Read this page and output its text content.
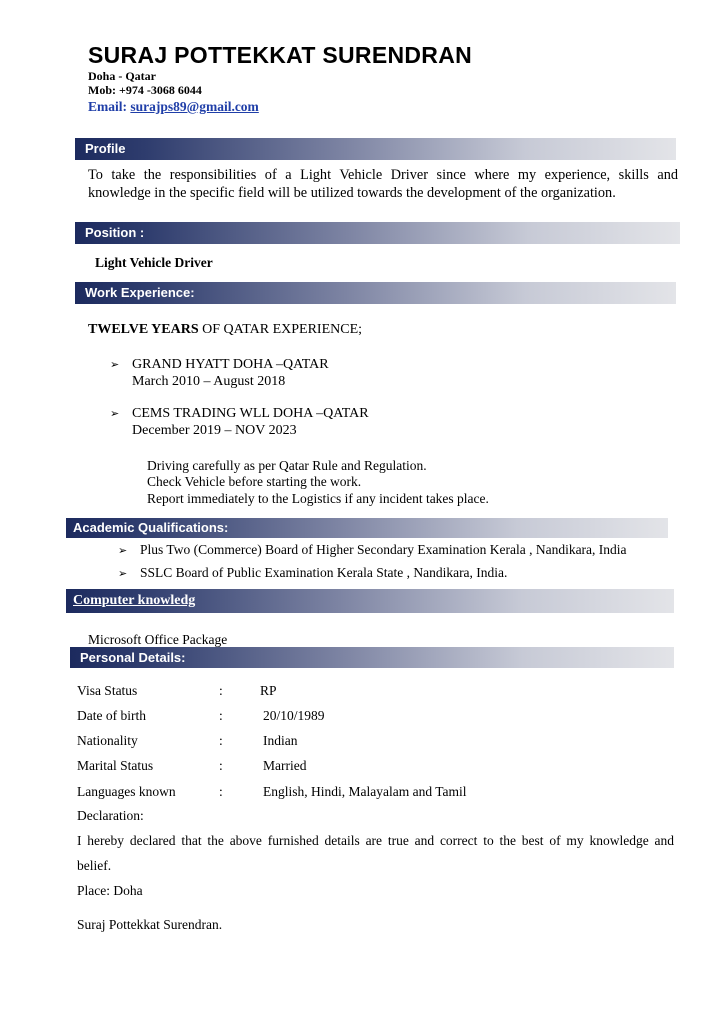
SURAJ POTTEKKAT SURENDRAN
Doha - Qatar
Mob: +974 -3068 6044
Email: surajps89@gmail.com
Profile
To take the responsibilities of a Light Vehicle Driver since where my experience, skills and
knowledge in the specific field will be utilized towards the development of the organization.
Position :
Light Vehicle Driver
Work Experience:
TWELVE YEARS OF QATAR EXPERIENCE;
➢ GRAND HYATT DOHA –QATAR
March 2010 – August 2018
➢ CEMS TRADING WLL DOHA –QATAR
December 2019 – NOV 2023
Driving carefully as per Qatar Rule and Regulation.
Check Vehicle before starting the work.
Report immediately to the Logistics if any incident takes place.
Academic Qualifications:
➢ Plus Two (Commerce) Board of Higher Secondary Examination Kerala , Nandikara, India
➢ SSLC Board of Public Examination Kerala State , Nandikara, India.
Computer knowledg
Microsoft Office Package
Personal Details:
Visa Status	:	RP
Date of birth	:	20/10/1989
Nationality	:	Indian
Marital Status	:	Married
Languages known	:	English, Hindi, Malayalam and Tamil
Declaration:
I hereby declared that the above furnished details are true and correct to the best of my knowledge and
belief.
Place: Doha
Suraj Pottekkat Surendran.
